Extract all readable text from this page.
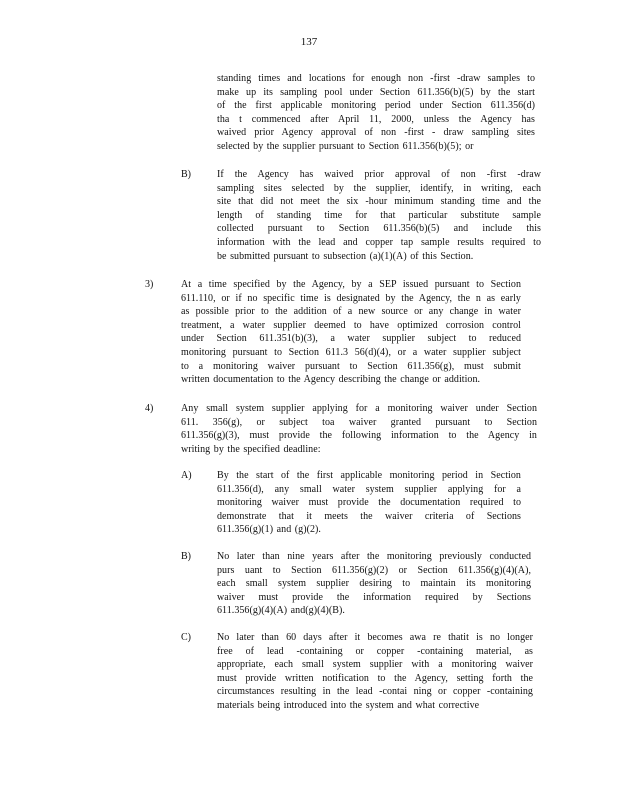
137
standing times and locations for enough non -first -draw samples to
make up its sampling pool under Section 611.356(b)(5) by the start
of the first applicable monitoring period under Section 611.356(d)
tha t commenced after April 11, 2000, unless the Agency has
waived prior Agency approval of non -first - draw sampling sites
selected by the supplier pursuant to Section 611.356(b)(5); or
B)	If the Agency has waived prior approval of non -first -draw
sampling sites selected by the supplier, identify, in writing, each
site that did not meet the six -hour minimum standing time and the
length of standing time for that particular substitute sample
collected pursuant to Section 611.356(b)(5) and include this
information with the lead and copper tap sample results required to
be submitted pursuant to subsection (a)(1)(A) of this Section.
3)	At a time specified by the Agency, by a SEP issued pursuant to Section
611.110, or if no specific time is designated by the Agency, the n as early
as possible prior to the addition of a new source or any change in water
treatment, a water supplier deemed to have optimized corrosion control
under Section 611.351(b)(3), a water supplier subject to reduced
monitoring pursuant to Section 611.3 56(d)(4), or a water supplier subject
to a monitoring waiver pursuant to Section 611.356(g), must submit
written documentation to the Agency describing the change or addition.
4)	Any small system supplier applying for a monitoring waiver under Section
611. 356(g), or subject toa waiver granted pursuant to Section
611.356(g)(3), must provide the following information to the Agency in
writing by the specified deadline:
A)	By the start of the first applicable monitoring period in Section
611.356(d), any small water system supplier applying for a
monitoring waiver must provide the documentation required to
demonstrate that it meets the waiver criteria of Sections
611.356(g)(1) and (g)(2).
B)	No later than nine years after the monitoring previously conducted
purs uant to Section 611.356(g)(2) or Section 611.356(g)(4)(A),
each small system supplier desiring to maintain its monitoring
waiver must provide the information required by Sections
611.356(g)(4)(A) and(g)(4)(B).
C)	No later than 60 days after it becomes awa re thatit is no longer
free of lead -containing or copper -containing material, as
appropriate, each small system supplier with a monitoring waiver
must provide written notification to the Agency, setting forth the
circumstances resulting in the lead -contai ning or copper -containing
materials being introduced into the system and what corrective
